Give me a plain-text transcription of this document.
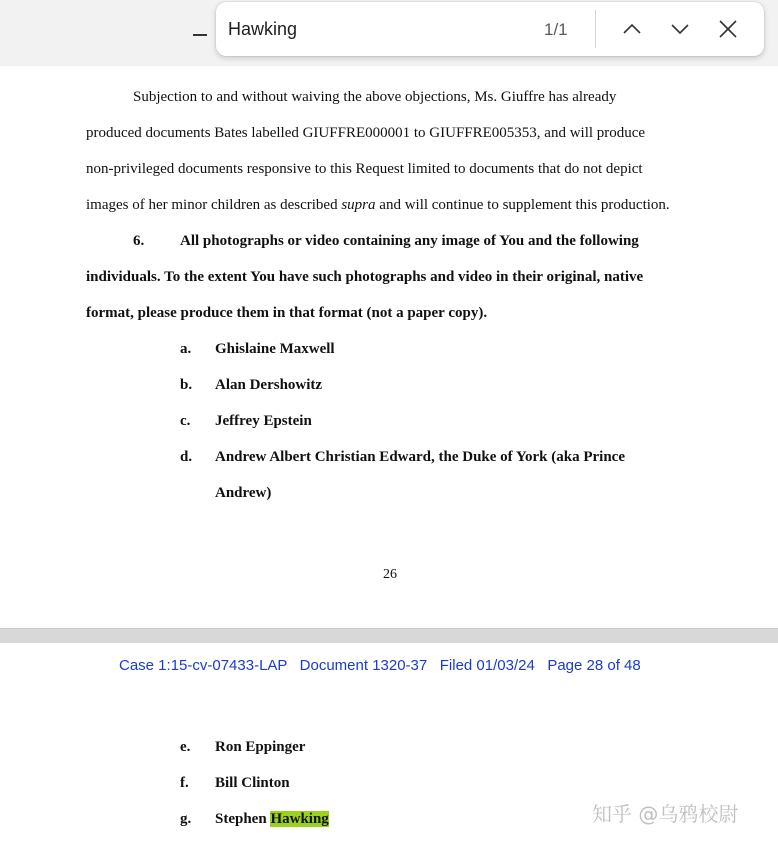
Subjection to and without waiving the above objections, Ms. Giuffre has already
produced documents Bates labelled GIUFFRE000001 to GIUFFRE005353, and will produce
non-privileged documents responsive to this Request limited to documents that do not depict
images of her minor children as described supra and will continue to supplement this production.
6. All photographs or video containing any image of You and the following
individuals. To the extent You have such photographs and video in their original, native
format, please produce them in that format (not a paper copy).
a. Ghislaine Maxwell
b. Alan Dershowitz
c. Jeffrey Epstein
d. Andrew Albert Christian Edward, the Duke of York (aka Prince
Andrew)
26
Case 1:15-cv-07433-LAP   Document 1320-37   Filed 01/03/24   Page 28 of 48
e. Ron Eppinger
f. Bill Clinton
g. Stephen Hawking	知乎 @乌鸦校尉
Hawking
1/1
